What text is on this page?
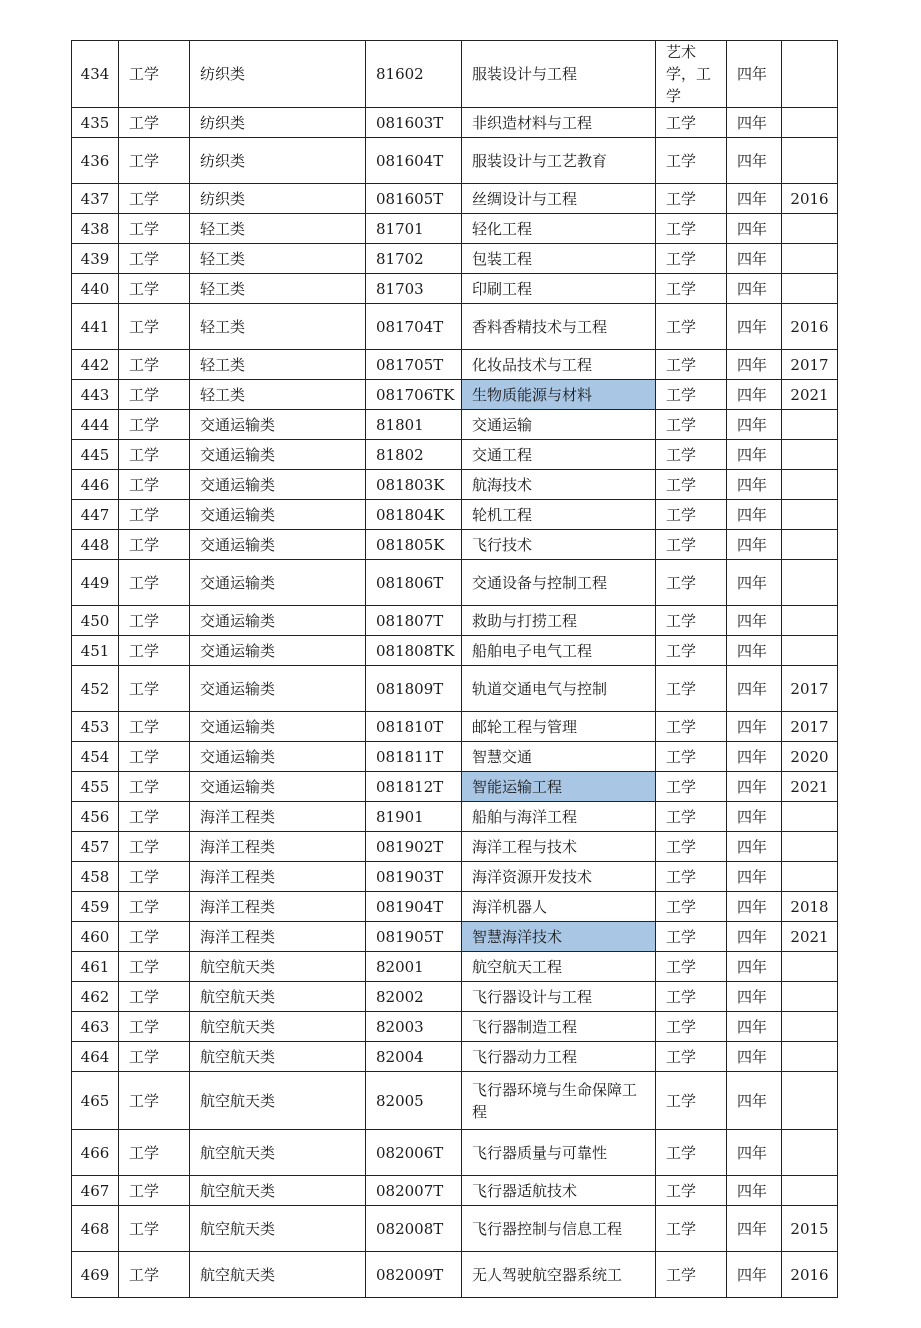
434	工学	纺织类	81602	服装设计与工程	艺术学，工学	四年	
435	工学	纺织类	081603T	非织造材料与工程	工学	四年	
436	工学	纺织类	081604T	服装设计与工艺教育	工学	四年	
437	工学	纺织类	081605T	丝绸设计与工程	工学	四年	2016
438	工学	轻工类	81701	轻化工程	工学	四年	
439	工学	轻工类	81702	包装工程	工学	四年	
440	工学	轻工类	81703	印刷工程	工学	四年	
441	工学	轻工类	081704T	香料香精技术与工程	工学	四年	2016
442	工学	轻工类	081705T	化妆品技术与工程	工学	四年	2017
443	工学	轻工类	081706TK	生物质能源与材料	工学	四年	2021
444	工学	交通运输类	81801	交通运输	工学	四年	
445	工学	交通运输类	81802	交通工程	工学	四年	
446	工学	交通运输类	081803K	航海技术	工学	四年	
447	工学	交通运输类	081804K	轮机工程	工学	四年	
448	工学	交通运输类	081805K	飞行技术	工学	四年	
449	工学	交通运输类	081806T	交通设备与控制工程	工学	四年	
450	工学	交通运输类	081807T	救助与打捞工程	工学	四年	
451	工学	交通运输类	081808TK	船舶电子电气工程	工学	四年	
452	工学	交通运输类	081809T	轨道交通电气与控制	工学	四年	2017
453	工学	交通运输类	081810T	邮轮工程与管理	工学	四年	2017
454	工学	交通运输类	081811T	智慧交通	工学	四年	2020
455	工学	交通运输类	081812T	智能运输工程	工学	四年	2021
456	工学	海洋工程类	81901	船舶与海洋工程	工学	四年	
457	工学	海洋工程类	081902T	海洋工程与技术	工学	四年	
458	工学	海洋工程类	081903T	海洋资源开发技术	工学	四年	
459	工学	海洋工程类	081904T	海洋机器人	工学	四年	2018
460	工学	海洋工程类	081905T	智慧海洋技术	工学	四年	2021
461	工学	航空航天类	82001	航空航天工程	工学	四年	
462	工学	航空航天类	82002	飞行器设计与工程	工学	四年	
463	工学	航空航天类	82003	飞行器制造工程	工学	四年	
464	工学	航空航天类	82004	飞行器动力工程	工学	四年	
465	工学	航空航天类	82005	飞行器环境与生命保障工程	工学	四年	
466	工学	航空航天类	082006T	飞行器质量与可靠性	工学	四年	
467	工学	航空航天类	082007T	飞行器适航技术	工学	四年	
468	工学	航空航天类	082008T	飞行器控制与信息工程	工学	四年	2015
469	工学	航空航天类	082009T	无人驾驶航空器系统工	工学	四年	2016
